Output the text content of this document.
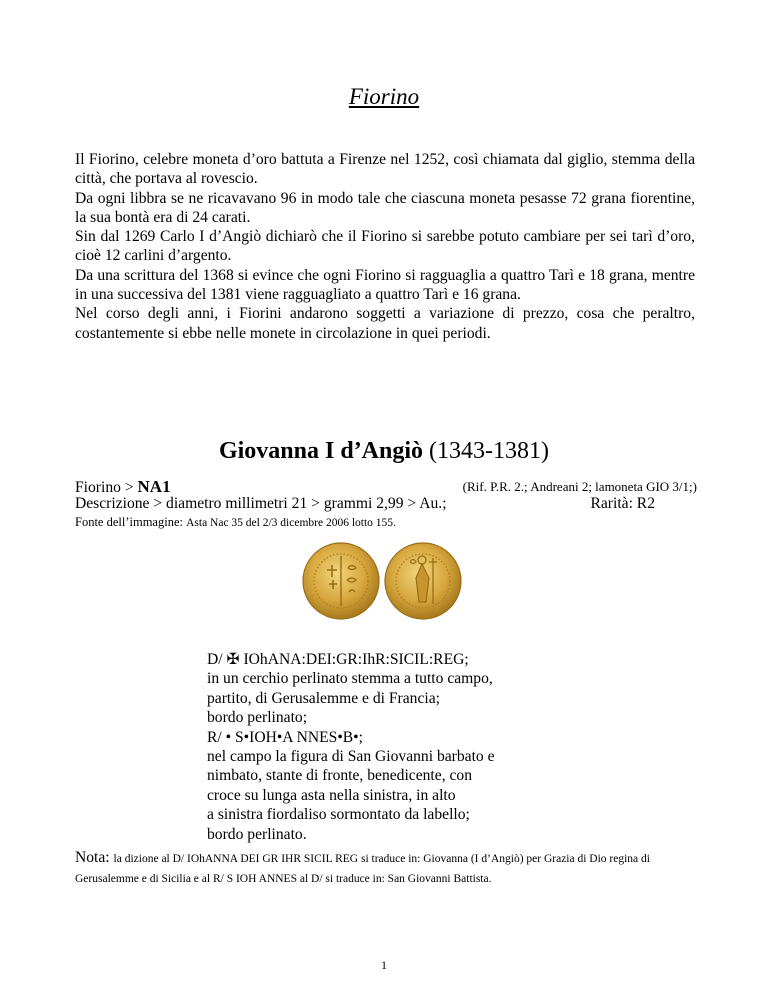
Fiorino

Il Fiorino, celebre moneta d’oro battuta a Firenze nel 1252, così chiamata dal giglio, stemma della città, che portava al rovescio.

Da ogni libbra se ne ricavavano 96 in modo tale che ciascuna moneta pesasse 72 grana fiorentine, la sua bontà era di 24 carati.

Sin dal 1269 Carlo I d’Angiò dichiarò che il Fiorino si sarebbe potuto cambiare per sei tarì d’oro, cioè 12 carlini d’argento.

Da una scrittura del 1368 si evince che ogni Fiorino si ragguaglia a quattro Tarì e 18 grana, mentre in una successiva del 1381 viene ragguagliato a quattro Tarì e 16 grana.

Nel corso degli anni, i Fiorini andarono soggetti a variazione di prezzo, cosa che peraltro, costantemente si ebbe nelle monete in circolazione in quei periodi.

Giovanna I d’Angiò (1343-1381)
Fiorino > NA1	(Rif. P.R. 2.; Andreani 2; lamoneta GIO 3/1;)
Descrizione > diametro millimetri 21 > grammi 2,99 > Au.;	Rarità: R2
Fonte dell’immagine: Asta Nac 35 del 2/3 dicembre 2006 lotto 155.

D/ ✠ IOhANA:DEI:GR:IhR:SICIL:REG;

in un cerchio perlinato stemma a tutto campo,

partito, di Gerusalemme e di Francia;

bordo perlinato;

R/ • S•IOH•A NNES•B•;

nel campo la figura di San Giovanni barbato e

nimbato, stante di fronte, benedicente, con

croce su lunga asta nella sinistra, in alto

a sinistra fiordaliso sormontato da labello;

bordo perlinato.

Nota: la dizione al D/ IOhANNA DEI GR IHR SICIL REG si traduce in: Giovanna (I d’Angiò) per Grazia di Dio regina di Gerusalemme e di Sicilia e al R/ S IOH ANNES al D/ si traduce in: San Giovanni Battista.
1
